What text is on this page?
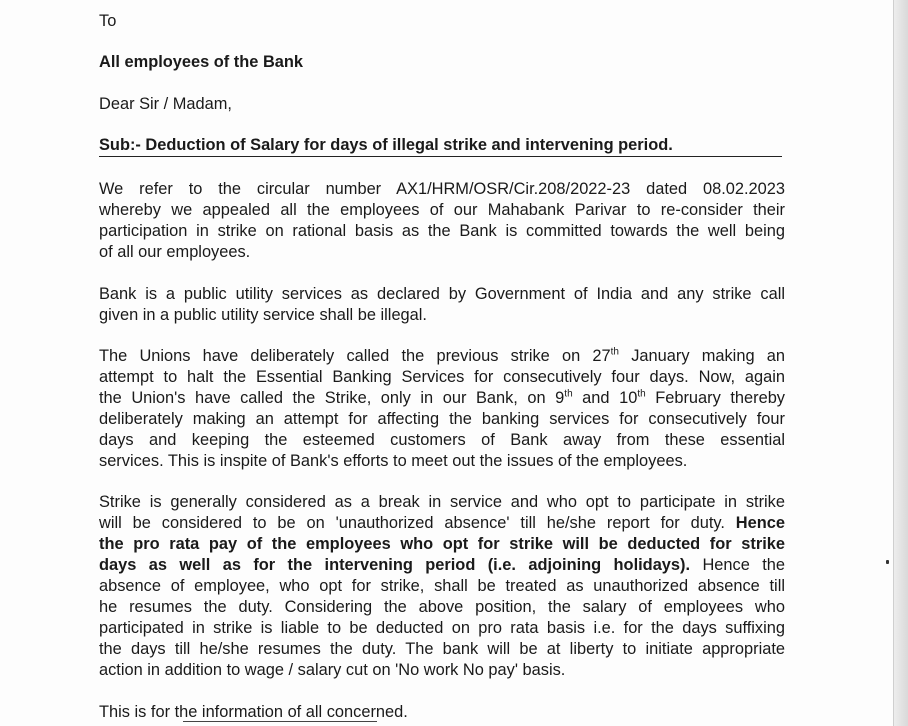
To
All employees of the Bank
Dear Sir / Madam,
Sub:- Deduction of Salary for days of illegal strike and intervening period.
We refer to the circular number AX1/HRM/OSR/Cir.208/2022-23 dated 08.02.2023
whereby we appealed all the employees of our Mahabank Parivar to re-consider their
participation in strike on rational basis as the Bank is committed towards the well being
of all our employees.
Bank is a public utility services as declared by Government of India and any strike call
given in a public utility service shall be illegal.
The Unions have deliberately called the previous strike on 27th January making an
attempt to halt the Essential Banking Services for consecutively four days. Now, again
the Union's have called the Strike, only in our Bank, on 9th and 10th February thereby
deliberately making an attempt for affecting the banking services for consecutively four
days and keeping the esteemed customers of Bank away from these essential
services. This is inspite of Bank's efforts to meet out the issues of the employees.
Strike is generally considered as a break in service and who opt to participate in strike
will be considered to be on 'unauthorized absence' till he/she report for duty. Hence
the pro rata pay of the employees who opt for strike will be deducted for strike
days as well as for the intervening period (i.e. adjoining holidays). Hence the
absence of employee, who opt for strike, shall be treated as unauthorized absence till
he resumes the duty. Considering the above position, the salary of employees who
participated in strike is liable to be deducted on pro rata basis i.e. for the days suffixing
the days till he/she resumes the duty. The bank will be at liberty to initiate appropriate
action in addition to wage / salary cut on 'No work No pay' basis.
This is for the information of all concerned.
